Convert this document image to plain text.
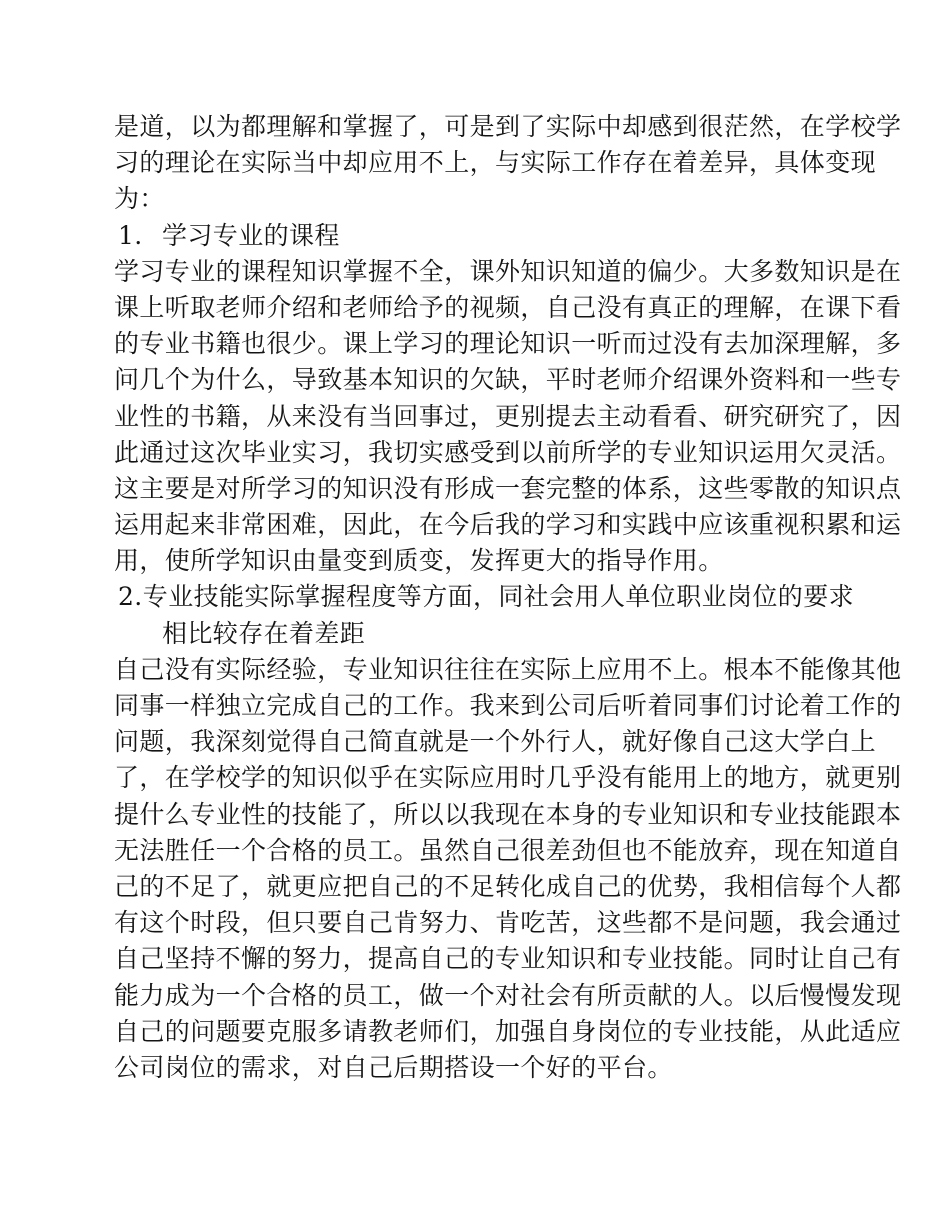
是道，以为都理解和掌握了，可是到了实际中却感到很茫然，在学校学
习的理论在实际当中却应用不上，与实际工作存在着差异，具体变现
为：
1. 学习专业的课程
学习专业的课程知识掌握不全，课外知识知道的偏少。大多数知识是在
课上听取老师介绍和老师给予的视频，自己没有真正的理解，在课下看
的专业书籍也很少。课上学习的理论知识一听而过没有去加深理解，多
问几个为什么，导致基本知识的欠缺，平时老师介绍课外资料和一些专
业性的书籍，从来没有当回事过，更别提去主动看看、研究研究了，因
此通过这次毕业实习，我切实感受到以前所学的专业知识运用欠灵活。
这主要是对所学习的知识没有形成一套完整的体系，这些零散的知识点
运用起来非常困难，因此，在今后我的学习和实践中应该重视积累和运
用，使所学知识由量变到质变，发挥更大的指导作用。
2. 专业技能实际掌握程度等方面，同社会用人单位职业岗位的要求
相比较存在着差距
自己没有实际经验，专业知识往往在实际上应用不上。根本不能像其他
同事一样独立完成自己的工作。我来到公司后听着同事们讨论着工作的
问题，我深刻觉得自己简直就是一个外行人，就好像自己这大学白上
了，在学校学的知识似乎在实际应用时几乎没有能用上的地方，就更别
提什么专业性的技能了，所以以我现在本身的专业知识和专业技能跟本
无法胜任一个合格的员工。虽然自己很差劲但也不能放弃，现在知道自
己的不足了，就更应把自己的不足转化成自己的优势，我相信每个人都
有这个时段，但只要自己肯努力、肯吃苦，这些都不是问题，我会通过
自己坚持不懈的努力，提高自己的专业知识和专业技能。同时让自己有
能力成为一个合格的员工，做一个对社会有所贡献的人。以后慢慢发现
自己的问题要克服多请教老师们，加强自身岗位的专业技能，从此适应
公司岗位的需求，对自己后期搭设一个好的平台。
